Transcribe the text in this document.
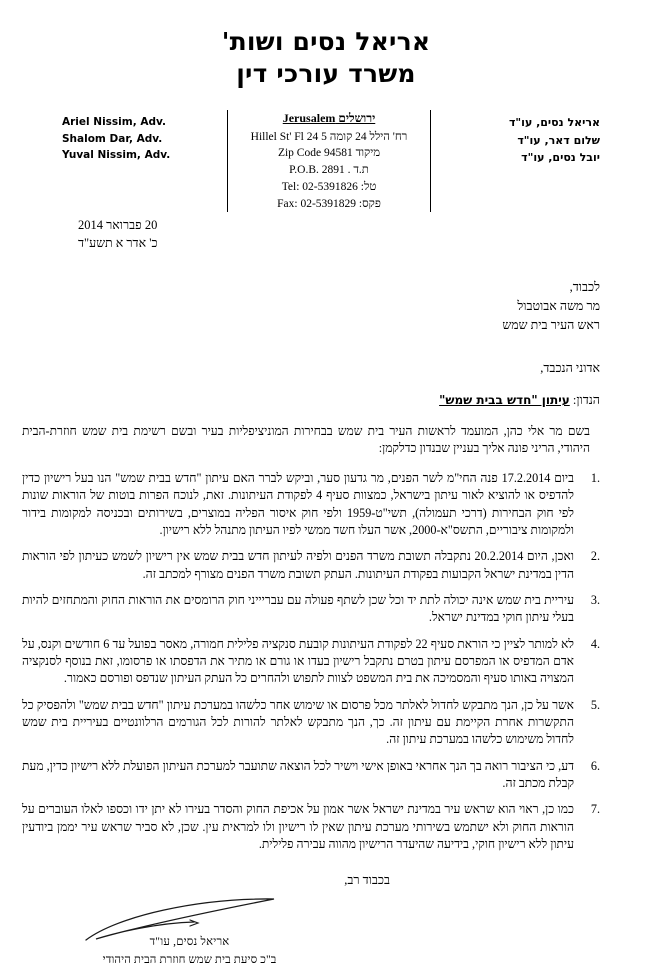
אריאל נסים ושות'
משרד עורכי דין
Ariel Nissim, Adv.
Shalom Dar, Adv.
Yuval Nissim, Adv.
ירושלים Jerusalem
רח' הילל 24 קומה 5 24 Hillel St' Fl
מיקוד Zip Code 94581
ת.ד . P.O.B. 2891
טל: Tel: 02-5391826
פקס: Fax: 02-5391829
אריאל נסים, עו"ד
שלום דאר, עו"ד
יובל נסים, עו"ד
20 פברואר 2014
כ' אדר א תשע"ד
לכבוד,
מר משה אבוטבול
ראש העיר בית שמש
אדוני הנכבד,
הנדון: עיתון "חדש בבית שמש"
בשם מר אלי כהן, המועמד לראשות העיר בית שמש בבחירות המוניציפליות בעיר ובשם רשימת בית שמש חוזרת-הבית היהודי, הריני פונה אליך בעניין שבנדון כדלקמן:
ביום 17.2.2014 פנה החי"מ לשר הפנים, מר גדעון סער, וביקש לברר האם עיתון "חדש בבית שמש" הנו בעל רישיון כדין להדפיס או להוציא לאור עיתון בישראל, כמצוות סעיף 4 לפקודת העיתונות. זאת, לנוכח הפרות בוטות של הוראות שונות לפי חוק הבחירות (דרכי תעמולה), תשי"ט-1959 ולפי חוק איסור הפליה במוצרים, בשירותים ובכניסה למקומות בידור ולמקומות ציבוריים, התשס"א-2000, אשר העלו חשד ממשי לפיו העיתון מתנהל ללא רישיון.
ואכן, היום 20.2.2014 נתקבלה תשובת משרד הפנים ולפיה לעיתון חדש בבית שמש אין רישיון לשמש כעיתון לפי הוראות הדין במדינת ישראל הקבועות בפקודת העיתונות. העתק תשובת משרד הפנים מצורף למכתב זה.
עיריית בית שמש אינה יכולה לתת יד וכל שכן לשתף פעולה עם עבריייני חוק הרומסים את הוראות החוק והמתחזים להיות בעלי עיתון חוקי במדינת ישראל.
לא למותר לציין כי הוראת סעיף 22 לפקודת העיתונות קובעת סנקציה פלילית חמורה, מאסר בפועל עד 6 חודשים וקנס, על אדם המדפיס או המפרסם עיתון בטרם נתקבל רישיון בעדו או גורם או מתיר את הדפסתו או פרסומו, זאת בנוסף לסנקציה המצויה באותו סעיף והמסמיכה את בית המשפט לצוות לתפוש ולהחרים כל העתק העיתון שנדפס ופורסם כאמור.
אשר על כן, הנך מתבקש לחדול לאלתר מכל פרסום או שימוש אחר כלשהו במערכת עיתון "חדש בבית שמש" ולהפסיק כל התקשרות אחרת הקיימת עם עיתון זה. כך, הנך מתבקש לאלתר להורות לכל הגורמים הרלוונטיים בעיריית בית שמש לחדול משימוש כלשהו במערכת עיתון זה.
דע, כי הציבור רואה בך הנך אחראי באופן אישי וישיר לכל הוצאה שתועבר למערכת העיתון הפועלת ללא רישיון כדין, מעת קבלת מכתב זה.
כמו כן, ראוי הוא שראש עיר במדינת ישראל אשר אמון על אכיפת החוק והסדר בעירו לא יתן ידו וכספו לאלו העוברים על הוראות החוק ולא ישתמש בשירותי מערכת עיתון שאין לו רישיון ולו למראית עין. שכן, לא סביר שראש עיר יממן ביודעין עיתון ללא רישיון חוקי, בידיעה שהיעדר הרישיון מהווה עבירה פלילית.
בכבוד רב,
אריאל נסים, עו"ד
ב"כ סיעת בית שמש חוזרת הבית היהודי
